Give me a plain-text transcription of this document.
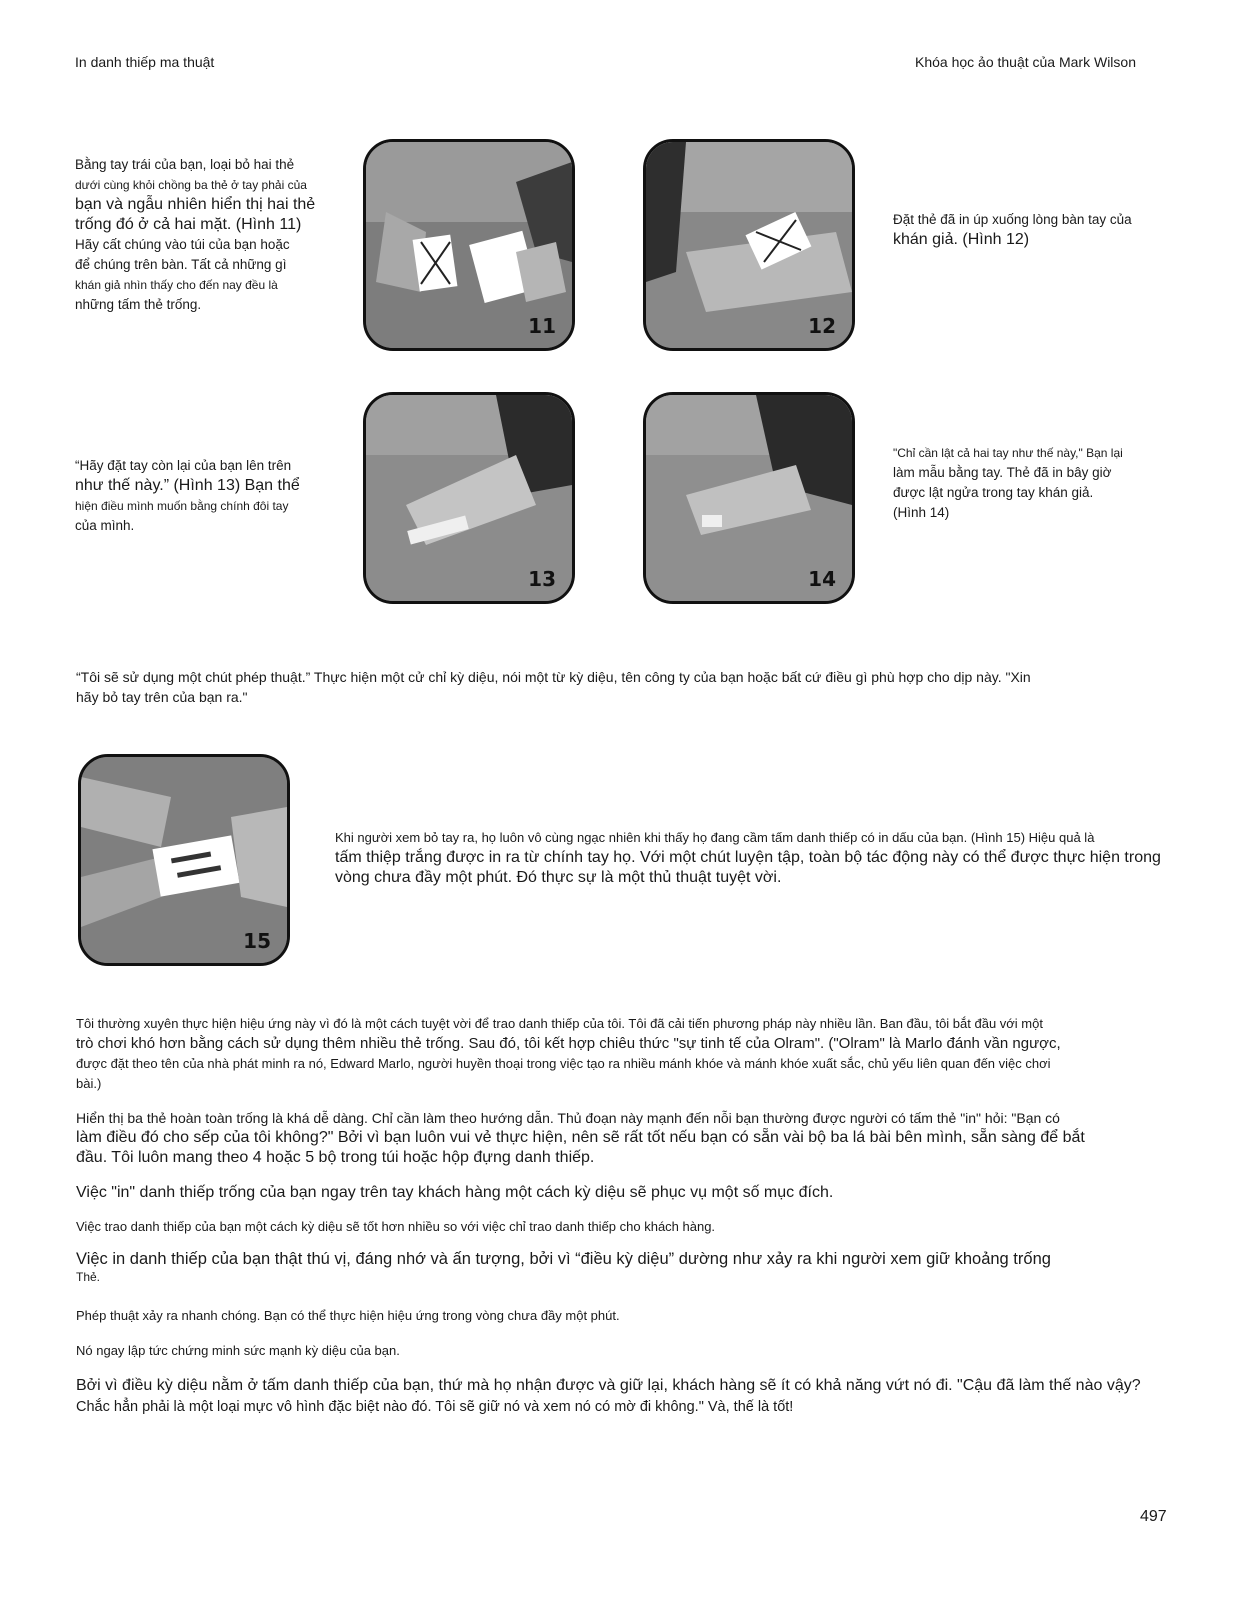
In danh thiếp ma thuật	Khóa học ảo thuật của Mark Wilson
Bằng tay trái của bạn, loại bỏ hai thẻ
dưới cùng khỏi chồng ba thẻ ở tay phải của
bạn và ngẫu nhiên hiển thị hai thẻ
trống đó ở cả hai mặt. (Hình 11)
Hãy cất chúng vào túi của bạn hoặc
để chúng trên bàn. Tất cả những gì
khán giả nhìn thấy cho đến nay đều là
những tấm thẻ trống.
11	12
Đặt thẻ đã in úp xuống lòng bàn tay của
khán giả. (Hình 12)
“Hãy đặt tay còn lại của bạn lên trên
như thế này.” (Hình 13) Bạn thể
hiện điều mình muốn bằng chính đôi tay
của mình.
13	14
"Chỉ cần lật cả hai tay như thế này," Bạn lại
làm mẫu bằng tay. Thẻ đã in bây giờ
được lật ngửa trong tay khán giả.
(Hình 14)
“Tôi sẽ sử dụng một chút phép thuật.” Thực hiện một cử chỉ kỳ diệu, nói một từ kỳ diệu, tên công ty của bạn hoặc bất cứ điều gì phù hợp cho dịp này. "Xin
hãy bỏ tay trên của bạn ra."
15
Khi người xem bỏ tay ra, họ luôn vô cùng ngạc nhiên khi thấy họ đang cầm tấm danh thiếp có in dấu của bạn. (Hình 15) Hiệu quả là
tấm thiệp trắng được in ra từ chính tay họ. Với một chút luyện tập, toàn bộ tác động này có thể được thực hiện trong
vòng chưa đầy một phút. Đó thực sự là một thủ thuật tuyệt vời.
Tôi thường xuyên thực hiện hiệu ứng này vì đó là một cách tuyệt vời để trao danh thiếp của tôi. Tôi đã cải tiến phương pháp này nhiều lần. Ban đầu, tôi bắt đầu với một
trò chơi khó hơn bằng cách sử dụng thêm nhiều thẻ trống. Sau đó, tôi kết hợp chiêu thức "sự tinh tế của Olram". ("Olram" là Marlo đánh vần ngược,
được đặt theo tên của nhà phát minh ra nó, Edward Marlo, người huyền thoại trong việc tạo ra nhiều mánh khóe và mánh khóe xuất sắc, chủ yếu liên quan đến việc chơi
bài.)
Hiển thị ba thẻ hoàn toàn trống là khá dễ dàng. Chỉ cần làm theo hướng dẫn. Thủ đoạn này mạnh đến nỗi bạn thường được người có tấm thẻ "in" hỏi: "Bạn có
làm điều đó cho sếp của tôi không?" Bởi vì bạn luôn vui vẻ thực hiện, nên sẽ rất tốt nếu bạn có sẵn vài bộ ba lá bài bên mình, sẵn sàng để bắt
đầu. Tôi luôn mang theo 4 hoặc 5 bộ trong túi hoặc hộp đựng danh thiếp.
Việc "in" danh thiếp trống của bạn ngay trên tay khách hàng một cách kỳ diệu sẽ phục vụ một số mục đích.
Việc trao danh thiếp của bạn một cách kỳ diệu sẽ tốt hơn nhiều so với việc chỉ trao danh thiếp cho khách hàng.
Việc in danh thiếp của bạn thật thú vị, đáng nhớ và ấn tượng, bởi vì “điều kỳ diệu” dường như xảy ra khi người xem giữ khoảng trống
Thẻ.
Phép thuật xảy ra nhanh chóng. Bạn có thể thực hiện hiệu ứng trong vòng chưa đầy một phút.
Nó ngay lập tức chứng minh sức mạnh kỳ diệu của bạn.
Bởi vì điều kỳ diệu nằm ở tấm danh thiếp của bạn, thứ mà họ nhận được và giữ lại, khách hàng sẽ ít có khả năng vứt nó đi. "Cậu đã làm thế nào vậy?
Chắc hẳn phải là một loại mực vô hình đặc biệt nào đó. Tôi sẽ giữ nó và xem nó có mờ đi không." Và, thế là tốt!
497
